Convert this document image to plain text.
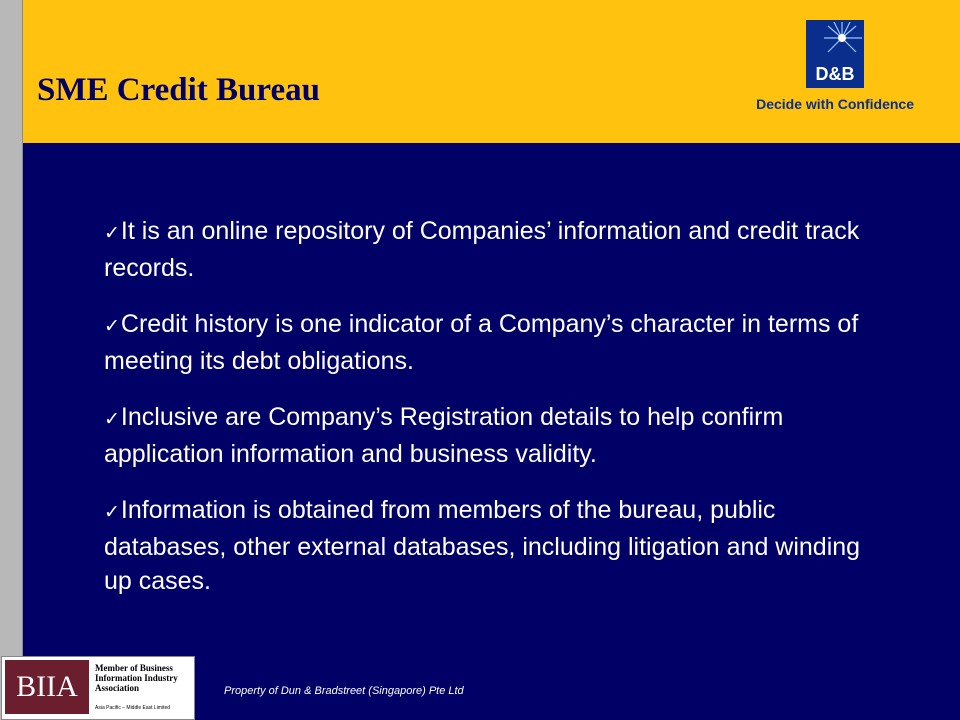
SME Credit Bureau	D&B
Decide with Confidence

✓It is an online repository of Companies’ information and credit track records.

✓Credit history is one indicator of a Company’s character in terms of meeting its debt obligations.

✓Inclusive are Company’s Registration details to help confirm application information and business validity.

✓Information is obtained from members of the bureau, public databases, other external databases, including litigation and winding up cases.

BIIA
Member of Business Information Industry Association
Asia Pacific – Middle East Limited
Property of Dun & Bradstreet (Singapore) Pte Ltd
